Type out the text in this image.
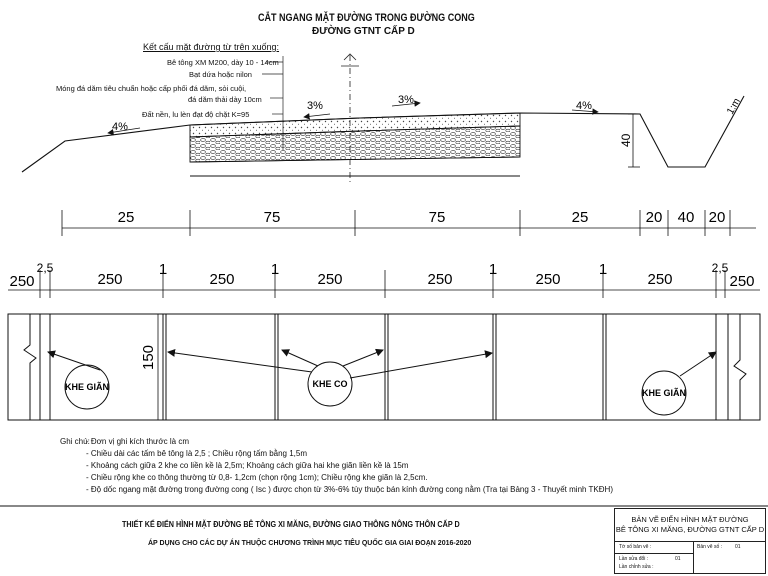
CẮT NGANG MẶT ĐƯỜNG TRONG ĐƯỜNG CONG
ĐƯỜNG GTNT CẤP D
Kết cấu mặt đường từ trên xuống:
Bê tông XM M200, dày 10 - 14cm
Bạt dứa hoặc nilon
Móng đá dăm tiêu chuẩn hoặc cấp phối đá dăm, sỏi cuội,
đá dăm thải dày 10cm
Đất nền, lu lèn đạt độ chặt K=95
4%
3%	3%	4%	1:m
40
25	75	75	25	20 40 20
250
2,5
250
1
250
1
250	250
1
250
1
250
2,5
250
150
KHE GIÃN	KHE CO
KHE GIÃN
Ghi chú:
- Đơn vị ghi kích thước là cm
- Chiều dài các tấm bê tông là 2,5 ; Chiều rộng tấm bằng 1,5m
- Khoảng cách giữa 2 khe co liền kề là 2,5m; Khoảng cách giữa hai khe giãn liền kề là 15m
- Chiều rộng khe co thông thường từ 0,8- 1,2cm (chọn rộng 1cm); Chiều rộng khe giãn là 2,5cm.
- Độ dốc ngang mặt đường trong đường cong ( Isc ) được chọn từ 3%-6% tùy thuộc bán kính đường cong nằm (Tra tại Bảng 3 - Thuyết minh TKĐH)
THIẾT KẾ ĐIỂN HÌNH MẶT ĐƯỜNG BÊ TÔNG XI MĂNG, ĐƯỜNG GIAO THÔNG NÔNG THÔN CẤP D
ÁP DỤNG CHO CÁC DỰ ÁN THUỘC CHƯƠNG TRÌNH MỤC TIÊU QUỐC GIA GIAI ĐOẠN 2016-2020
BẢN VẼ ĐIỂN HÌNH MẶT ĐƯỜNG
BÊ TÔNG XI MĂNG, ĐƯỜNG GTNT CẤP D
Tờ số bản vẽ :	Bản vẽ số :	01
Lần sửa đổi :	01
Lần chỉnh sửa :
